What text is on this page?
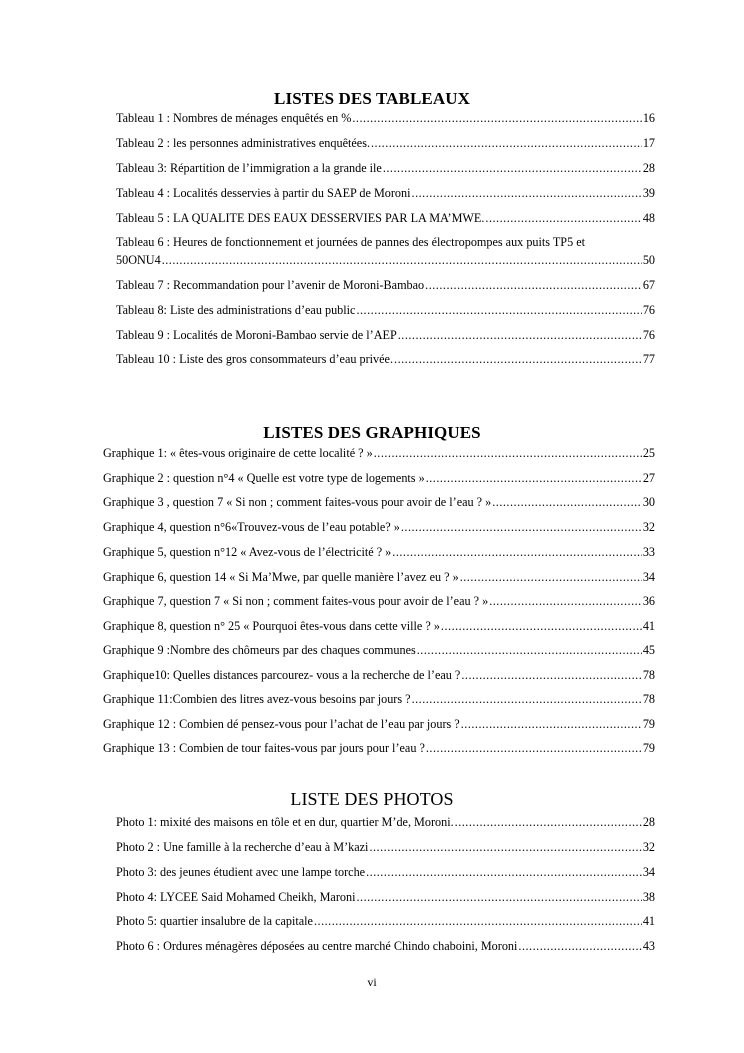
LISTES DES TABLEAUX
Tableau 1 : Nombres de ménages enquêtés en % .....	16
Tableau 2 : les personnes administratives enquêtées. .....	17
Tableau 3: Répartition de l’immigration a la grande ile .....	28
Tableau 4 : Localités desservies à partir du SAEP de Moroni .....	39
Tableau 5 : LA QUALITE DES EAUX DESSERVIES PAR LA MA’MWE. .....	48
Tableau 6 : Heures de fonctionnement et journées de pannes des électropompes aux puits TP5 et
50ONU4 .....	50
Tableau 7 : Recommandation pour l’avenir de Moroni-Bambao .....	67
Tableau 8: Liste des administrations d’eau public .....	76
Tableau 9 : Localités de Moroni-Bambao servie de l’AEP .....	76
Tableau 10 : Liste des gros consommateurs d’eau privée. .....	77
LISTES DES GRAPHIQUES
Graphique 1: « êtes-vous originaire de cette localité ? » .....	25
Graphique 2 : question n°4 « Quelle est votre type de logements » .....	27
Graphique 3 , question 7 « Si non ; comment faites-vous pour avoir de l’eau ? » .....	30
Graphique 4, question n°6«Trouvez-vous de l’eau potable? » .....	32
Graphique 5, question n°12 « Avez-vous de l’électricité ? » .....	33
Graphique 6, question 14 « Si Ma’Mwe, par quelle manière l’avez eu ? » .....	34
Graphique 7, question 7 « Si non ; comment faites-vous pour avoir de l’eau ? » .....	36
Graphique 8, question n° 25 « Pourquoi êtes-vous dans cette ville ? » .....	41
Graphique 9 :Nombre des chômeurs par des chaques communes .....	45
Graphique10: Quelles distances parcourez- vous a la recherche de l’eau ? .....	78
Graphique 11:Combien des litres avez-vous besoins par jours ? .....	78
Graphique 12 : Combien dé pensez-vous pour l’achat de l’eau par jours ? .....	79
Graphique 13 : Combien de tour faites-vous par jours pour l’eau ? .....	79
LISTE DES PHOTOS
Photo 1: mixité des maisons en tôle et en dur, quartier M’de, Moroni. .....	28
Photo 2 : Une famille à la recherche d’eau à M’kazi .....	32
Photo 3: des jeunes étudient avec une lampe torche .....	34
Photo 4: LYCEE Said Mohamed Cheikh, Maroni .....	38
Photo 5: quartier insalubre de la capitale .....	41
Photo 6 : Ordures ménagères déposées au centre marché Chindo chaboini, Moroni .....	43
vi
